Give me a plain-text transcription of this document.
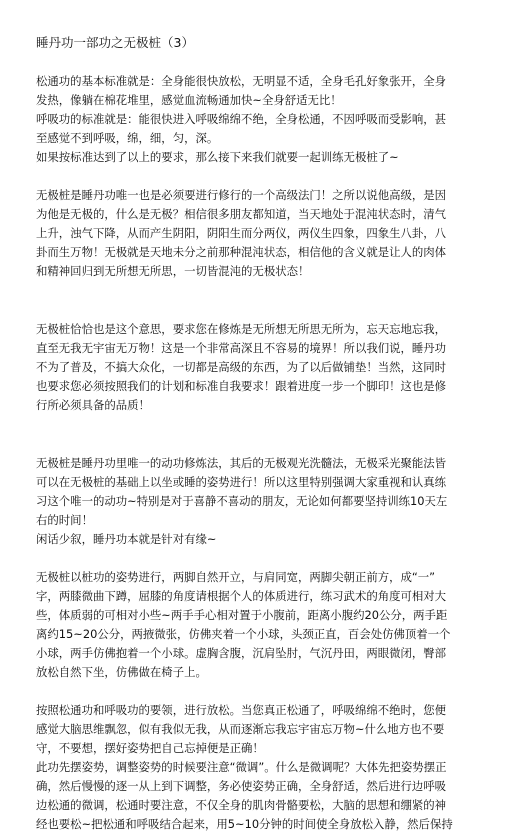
睡丹功一部功之无极桩（3）
松通功的基本标准就是：全身能很快放松，无明显不适，全身毛孔好象张开，全身
发热，像躺在棉花堆里，感觉血流畅通加快~全身舒适无比！
呼吸功的标准就是：能很快进入呼吸绵绵不绝，全身松通，不因呼吸而受影响，甚
至感觉不到呼吸，绵，细，匀，深。
如果按标准达到了以上的要求，那么接下来我们就要一起训练无极桩了~
无极桩是睡丹功唯一也是必须要进行修行的一个高级法门！之所以说他高级，是因
为他是无极的，什么是无极？相信很多朋友都知道，当天地处于混沌状态时，清气
上升，浊气下降，从而产生阴阳，阴阳生而分两仪，两仪生四象，四象生八卦，八
卦而生万物！无极就是天地未分之前那种混沌状态，相信他的含义就是让人的肉体
和精神回归到无所想无所思，一切皆混沌的无极状态！
无极桩恰恰也是这个意思，要求您在修炼是无所想无所思无所为，忘天忘地忘我，
直至无我无宇宙无万物！这是一个非常高深且不容易的境界！所以我们说，睡丹功
不为了普及，不搞大众化，一切都是高级的东西，为了以后做铺垫！当然，这同时
也要求您必须按照我们的计划和标准自我要求！跟着进度一步一个脚印！这也是修
行所必须具备的品质！
无极桩是睡丹功里唯一的动功修炼法，其后的无极观光洗髓法，无极采光聚能法皆
可以在无极桩的基础上以坐或睡的姿势进行！所以这里特别强调大家重视和认真练
习这个唯一的动功~特别是对于喜静不喜动的朋友，无论如何都要坚持训练10天左
右的时间！
闲话少叙，睡丹功本就是针对有缘~
无极桩以桩功的姿势进行，两脚自然开立，与肩同宽，两脚尖朝正前方，成“一”
字，两膝微曲下蹲，屈膝的角度请根据个人的体质进行，练习武术的角度可相对大
些，体质弱的可相对小些~两手手心相对置于小腹前，距离小腹约20公分，两手距
离约15~20公分，两掖微张，仿佛夹着一个小球，头颈正直，百会处仿佛顶着一个
小球，两手仿佛抱着一个小球。虚胸含腹，沉肩坠肘，气沉丹田，两眼微闭，臀部
放松自然下坐，仿佛做在椅子上。
按照松通功和呼吸功的要领，进行放松。当您真正松通了，呼吸绵绵不绝时，您便
感觉大脑思维飘忽，似有我似无我，从而逐渐忘我忘宇宙忘万物~什么地方也不要
守，不要想，摆好姿势把自己忘掉便是正确！
此功先摆姿势，调整姿势的时候要注意“微调”。什么是微调呢？大体先把姿势摆正
确，然后慢慢的逐一从上到下调整，务必使姿势正确，全身舒适，然后进行边呼吸
边松通的微调，松通时要注意，不仅全身的肌肉骨骼要松，大脑的思想和绷紧的神
经也要松~把松通和呼吸结合起来，用5~10分钟的时间使全身放松入静，然后保持
